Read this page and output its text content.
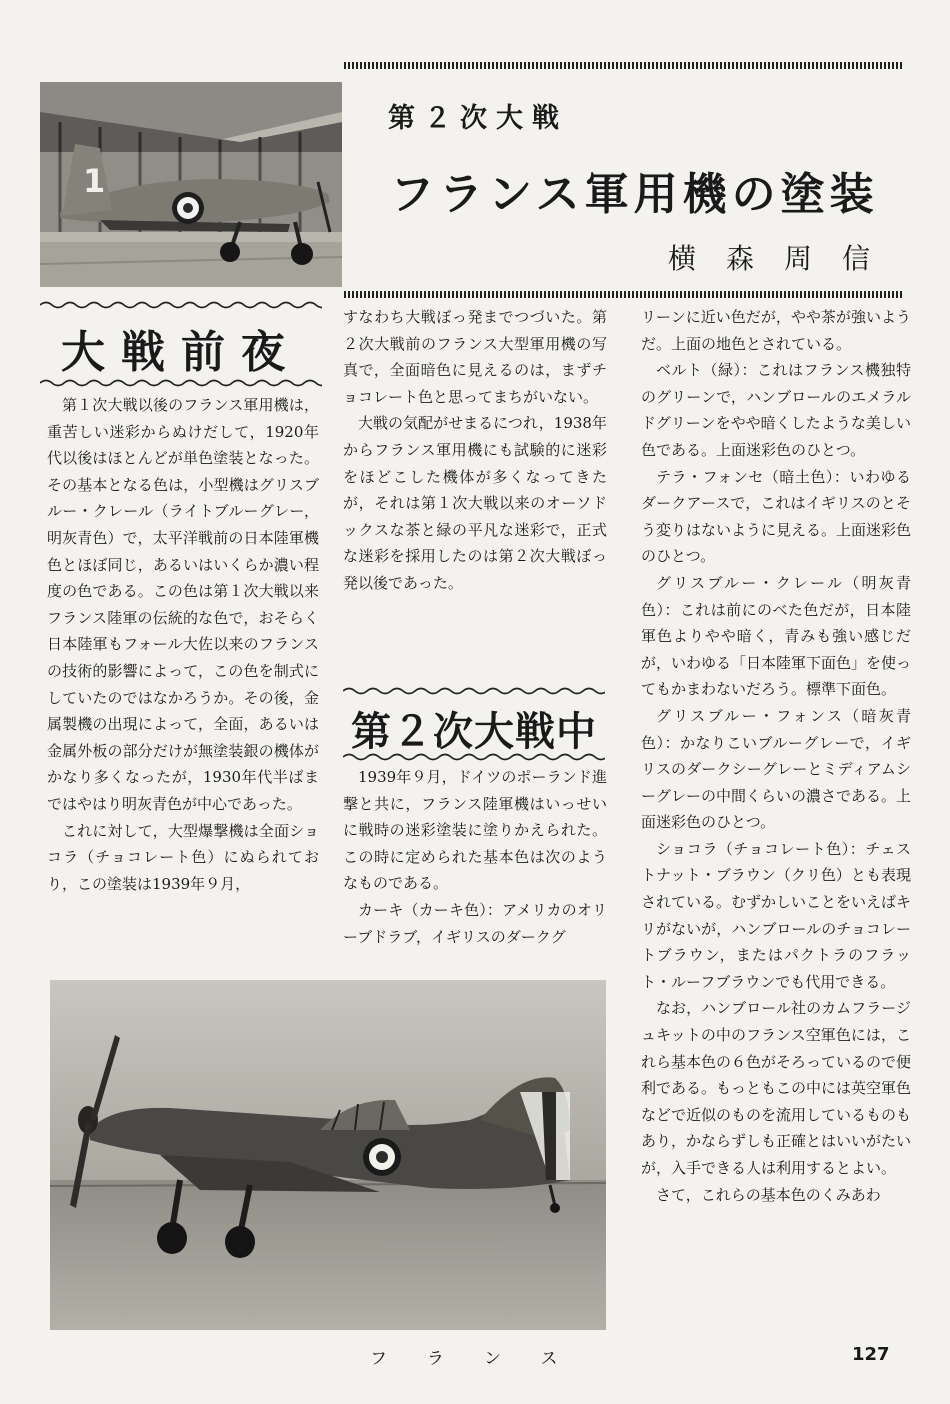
1
第２次大戦
フランス軍用機の塗装
横森周信
大戦前夜

第１次大戦以後のフランス軍用機は，重苦しい迷彩からぬけだして，1920年代以後はほとんどが単色塗装となった。その基本となる色は，小型機はグリスブルー・クレール（ライトブルーグレー，明灰青色）で，太平洋戦前の日本陸軍機色とほぼ同じ，あるいはいくらか濃い程度の色である。この色は第１次大戦以来フランス陸軍の伝統的な色で，おそらく日本陸軍もフォール大佐以来のフランスの技術的影響によって，この色を制式にしていたのではなかろうか。その後，金属製機の出現によって，全面，あるいは金属外板の部分だけが無塗装銀の機体がかなり多くなったが，1930年代半ばまではやはり明灰青色が中心であった。

これに対して，大型爆撃機は全面ショコラ（チョコレート色）にぬられており，この塗装は1939年９月，

すなわち大戦ぼっ発までつづいた。第２次大戦前のフランス大型軍用機の写真で，全面暗色に見えるのは，まずチョコレート色と思ってまちがいない。

大戦の気配がせまるにつれ，1938年からフランス軍用機にも試験的に迷彩をほどこした機体が多くなってきたが，それは第１次大戦以来のオーソドックスな茶と緑の平凡な迷彩で，正式な迷彩を採用したのは第２次大戦ぼっ発以後であった。

第２次大戦中

1939年９月，ドイツのポーランド進撃と共に，フランス陸軍機はいっせいに戦時の迷彩塗装に塗りかえられた。この時に定められた基本色は次のようなものである。

カーキ（カーキ色）：アメリカのオリーブドラブ，イギリスのダークグ

リーンに近い色だが，やや茶が強いようだ。上面の地色とされている。

ベルト（緑）：これはフランス機独特のグリーンで，ハンブロールのエメラルドグリーンをやや暗くしたような美しい色である。上面迷彩色のひとつ。

テラ・フォンセ（暗土色）：いわゆるダークアースで，これはイギリスのとそう変りはないように見える。上面迷彩色のひとつ。

グリスブルー・クレール（明灰青色）：これは前にのべた色だが，日本陸軍色よりやや暗く，青みも強い感じだが，いわゆる「日本陸軍下面色」を使ってもかまわないだろう。標準下面色。

グリスブルー・フォンス（暗灰青色）：かなりこいブルーグレーで，イギリスのダークシーグレーとミディアムシーグレーの中間くらいの濃さである。上面迷彩色のひとつ。

ショコラ（チョコレート色）：チェストナット・ブラウン（クリ色）とも表現されている。むずかしいことをいえばキリがないが，ハンブロールのチョコレートブラウン，またはパクトラのフラット・ルーフブラウンでも代用できる。

なお，ハンブロール社のカムフラージュキットの中のフランス空軍色には，これら基本色の６色がそろっているので便利である。もっともこの中には英空軍色などで近似のものを流用しているものもあり，かならずしも正確とはいいがたいが，入手できる人は利用するとよい。

さて，これらの基本色のくみあわ

フランス	127
